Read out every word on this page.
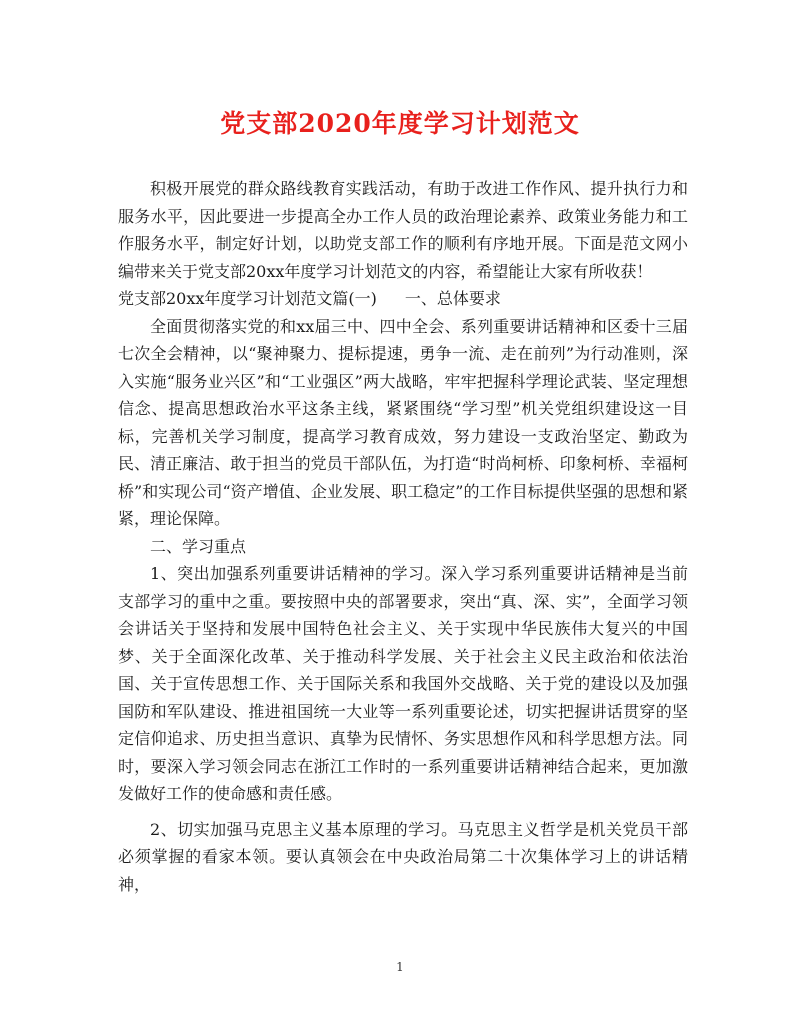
党支部2020年度学习计划范文

积极开展党的群众路线教育实践活动，有助于改进工作作风、提升执行力和服务水平，因此要进一步提高全办工作人员的政治理论素养、政策业务能力和工作服务水平，制定好计划，以助党支部工作的顺利有序地开展。下面是范文网小编带来关于党支部20xx年度学习计划范文的内容，希望能让大家有所收获！

党支部20xx年度学习计划范文篇(一) 一、总体要求

全面贯彻落实党的和xx届三中、四中全会、系列重要讲话精神和区委十三届七次全会精神，以“聚神聚力、提标提速，勇争一流、走在前列”为行动准则，深入实施“服务业兴区”和“工业强区”两大战略，牢牢把握科学理论武装、坚定理想信念、提高思想政治水平这条主线，紧紧围绕“学习型”机关党组织建设这一目标，完善机关学习制度，提高学习教育成效，努力建设一支政治坚定、勤政为民、清正廉洁、敢于担当的党员干部队伍，为打造“时尚柯桥、印象柯桥、幸福柯桥”和实现公司“资产增值、企业发展、职工稳定”的工作目标提供坚强的思想和紧紧，理论保障。

二、学习重点

1、突出加强系列重要讲话精神的学习。深入学习系列重要讲话精神是当前支部学习的重中之重。要按照中央的部署要求，突出“真、深、实”，全面学习领会讲话关于坚持和发展中国特色社会主义、关于实现中华民族伟大复兴的中国梦、关于全面深化改革、关于推动科学发展、关于社会主义民主政治和依法治国、关于宣传思想工作、关于国际关系和我国外交战略、关于党的建设以及加强国防和军队建设、推进祖国统一大业等一系列重要论述，切实把握讲话贯穿的坚定信仰追求、历史担当意识、真挚为民情怀、务实思想作风和科学思想方法。同时，要深入学习领会同志在浙江工作时的一系列重要讲话精神结合起来，更加激发做好工作的使命感和责任感。

2、切实加强马克思主义基本原理的学习。马克思主义哲学是机关党员干部必须掌握的看家本领。要认真领会在中央政治局第二十次集体学习上的讲话精神，

1
